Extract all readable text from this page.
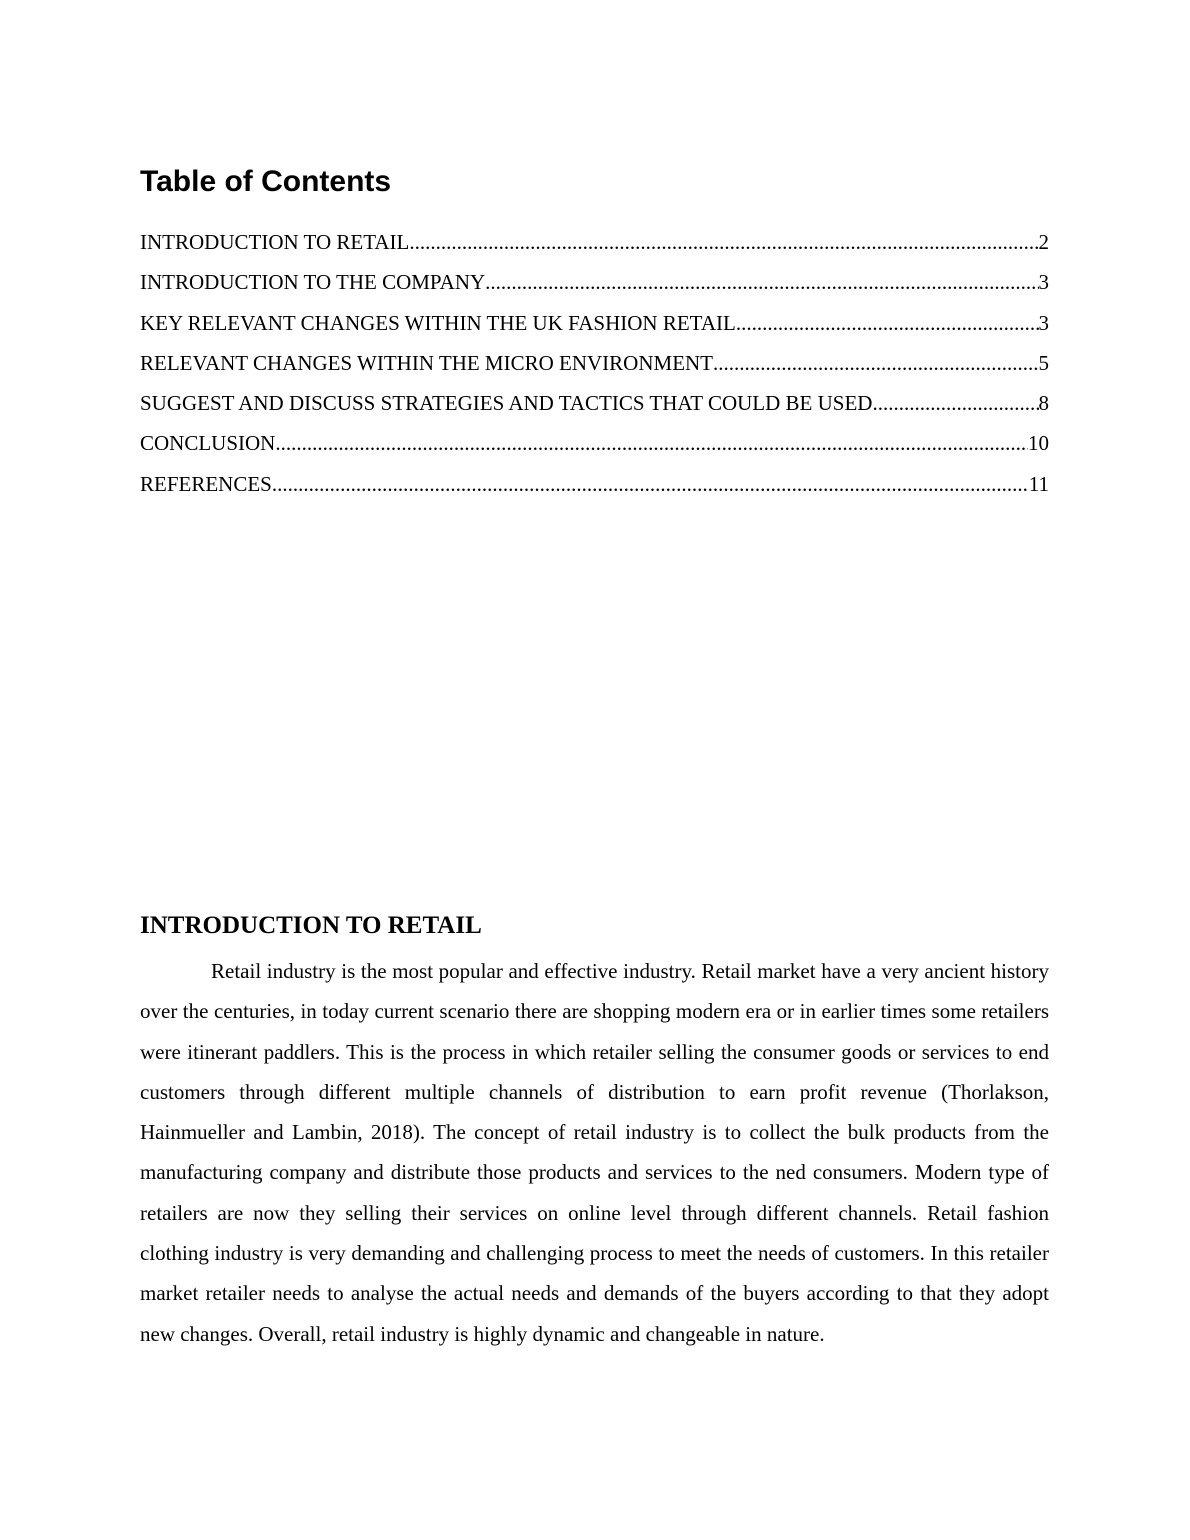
Table of Contents
INTRODUCTION TO RETAIL .....	2
INTRODUCTION TO THE COMPANY .....	3
KEY RELEVANT CHANGES WITHIN THE UK FASHION RETAIL .....	3
RELEVANT CHANGES WITHIN THE MICRO ENVIRONMENT .....	5
SUGGEST AND DISCUSS STRATEGIES AND TACTICS THAT COULD BE USED .....	8
CONCLUSION .....	10
REFERENCES .....	11
INTRODUCTION TO RETAIL

Retail industry is the most popular and effective industry. Retail market have a very ancient history over the centuries, in today current scenario there are shopping modern era or in earlier times some retailers were itinerant paddlers. This is the process in which retailer selling the consumer goods or services to end customers through different multiple channels of distribution to earn profit revenue (Thorlakson, Hainmueller and Lambin, 2018). The concept of retail industry is to collect the bulk products from the manufacturing company and distribute those products and services to the ned consumers. Modern type of retailers are now they selling their services on online level through different channels. Retail fashion clothing industry is very demanding and challenging process to meet the needs of customers. In this retailer market retailer needs to analyse the actual needs and demands of the buyers according to that they adopt new changes. Overall, retail industry is highly dynamic and changeable in nature.
